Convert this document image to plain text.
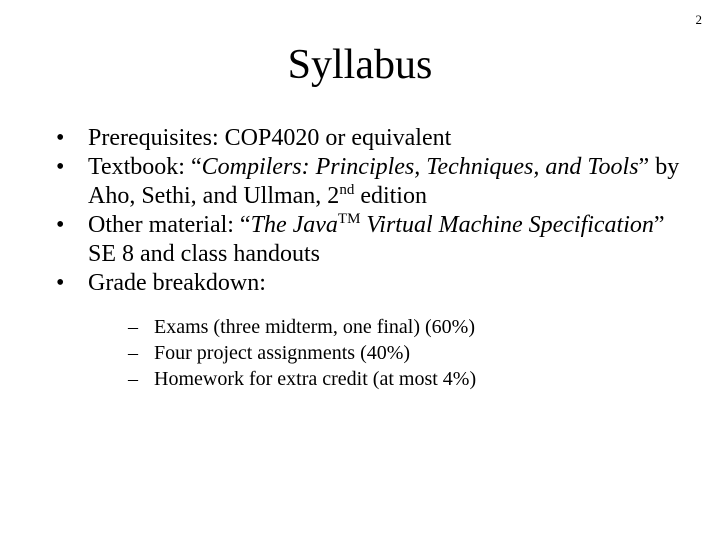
2
Syllabus
• Prerequisites: COP4020 or equivalent
• Textbook: “Compilers: Principles, Techniques, and Tools” by Aho, Sethi, and Ullman, 2nd edition
• Other material: “The Java™ Virtual Machine Specification” SE 8 and class handouts
• Grade breakdown:
– Exams (three midterm, one final) (60%)
– Four project assignments (40%)
– Homework for extra credit (at most 4%)
